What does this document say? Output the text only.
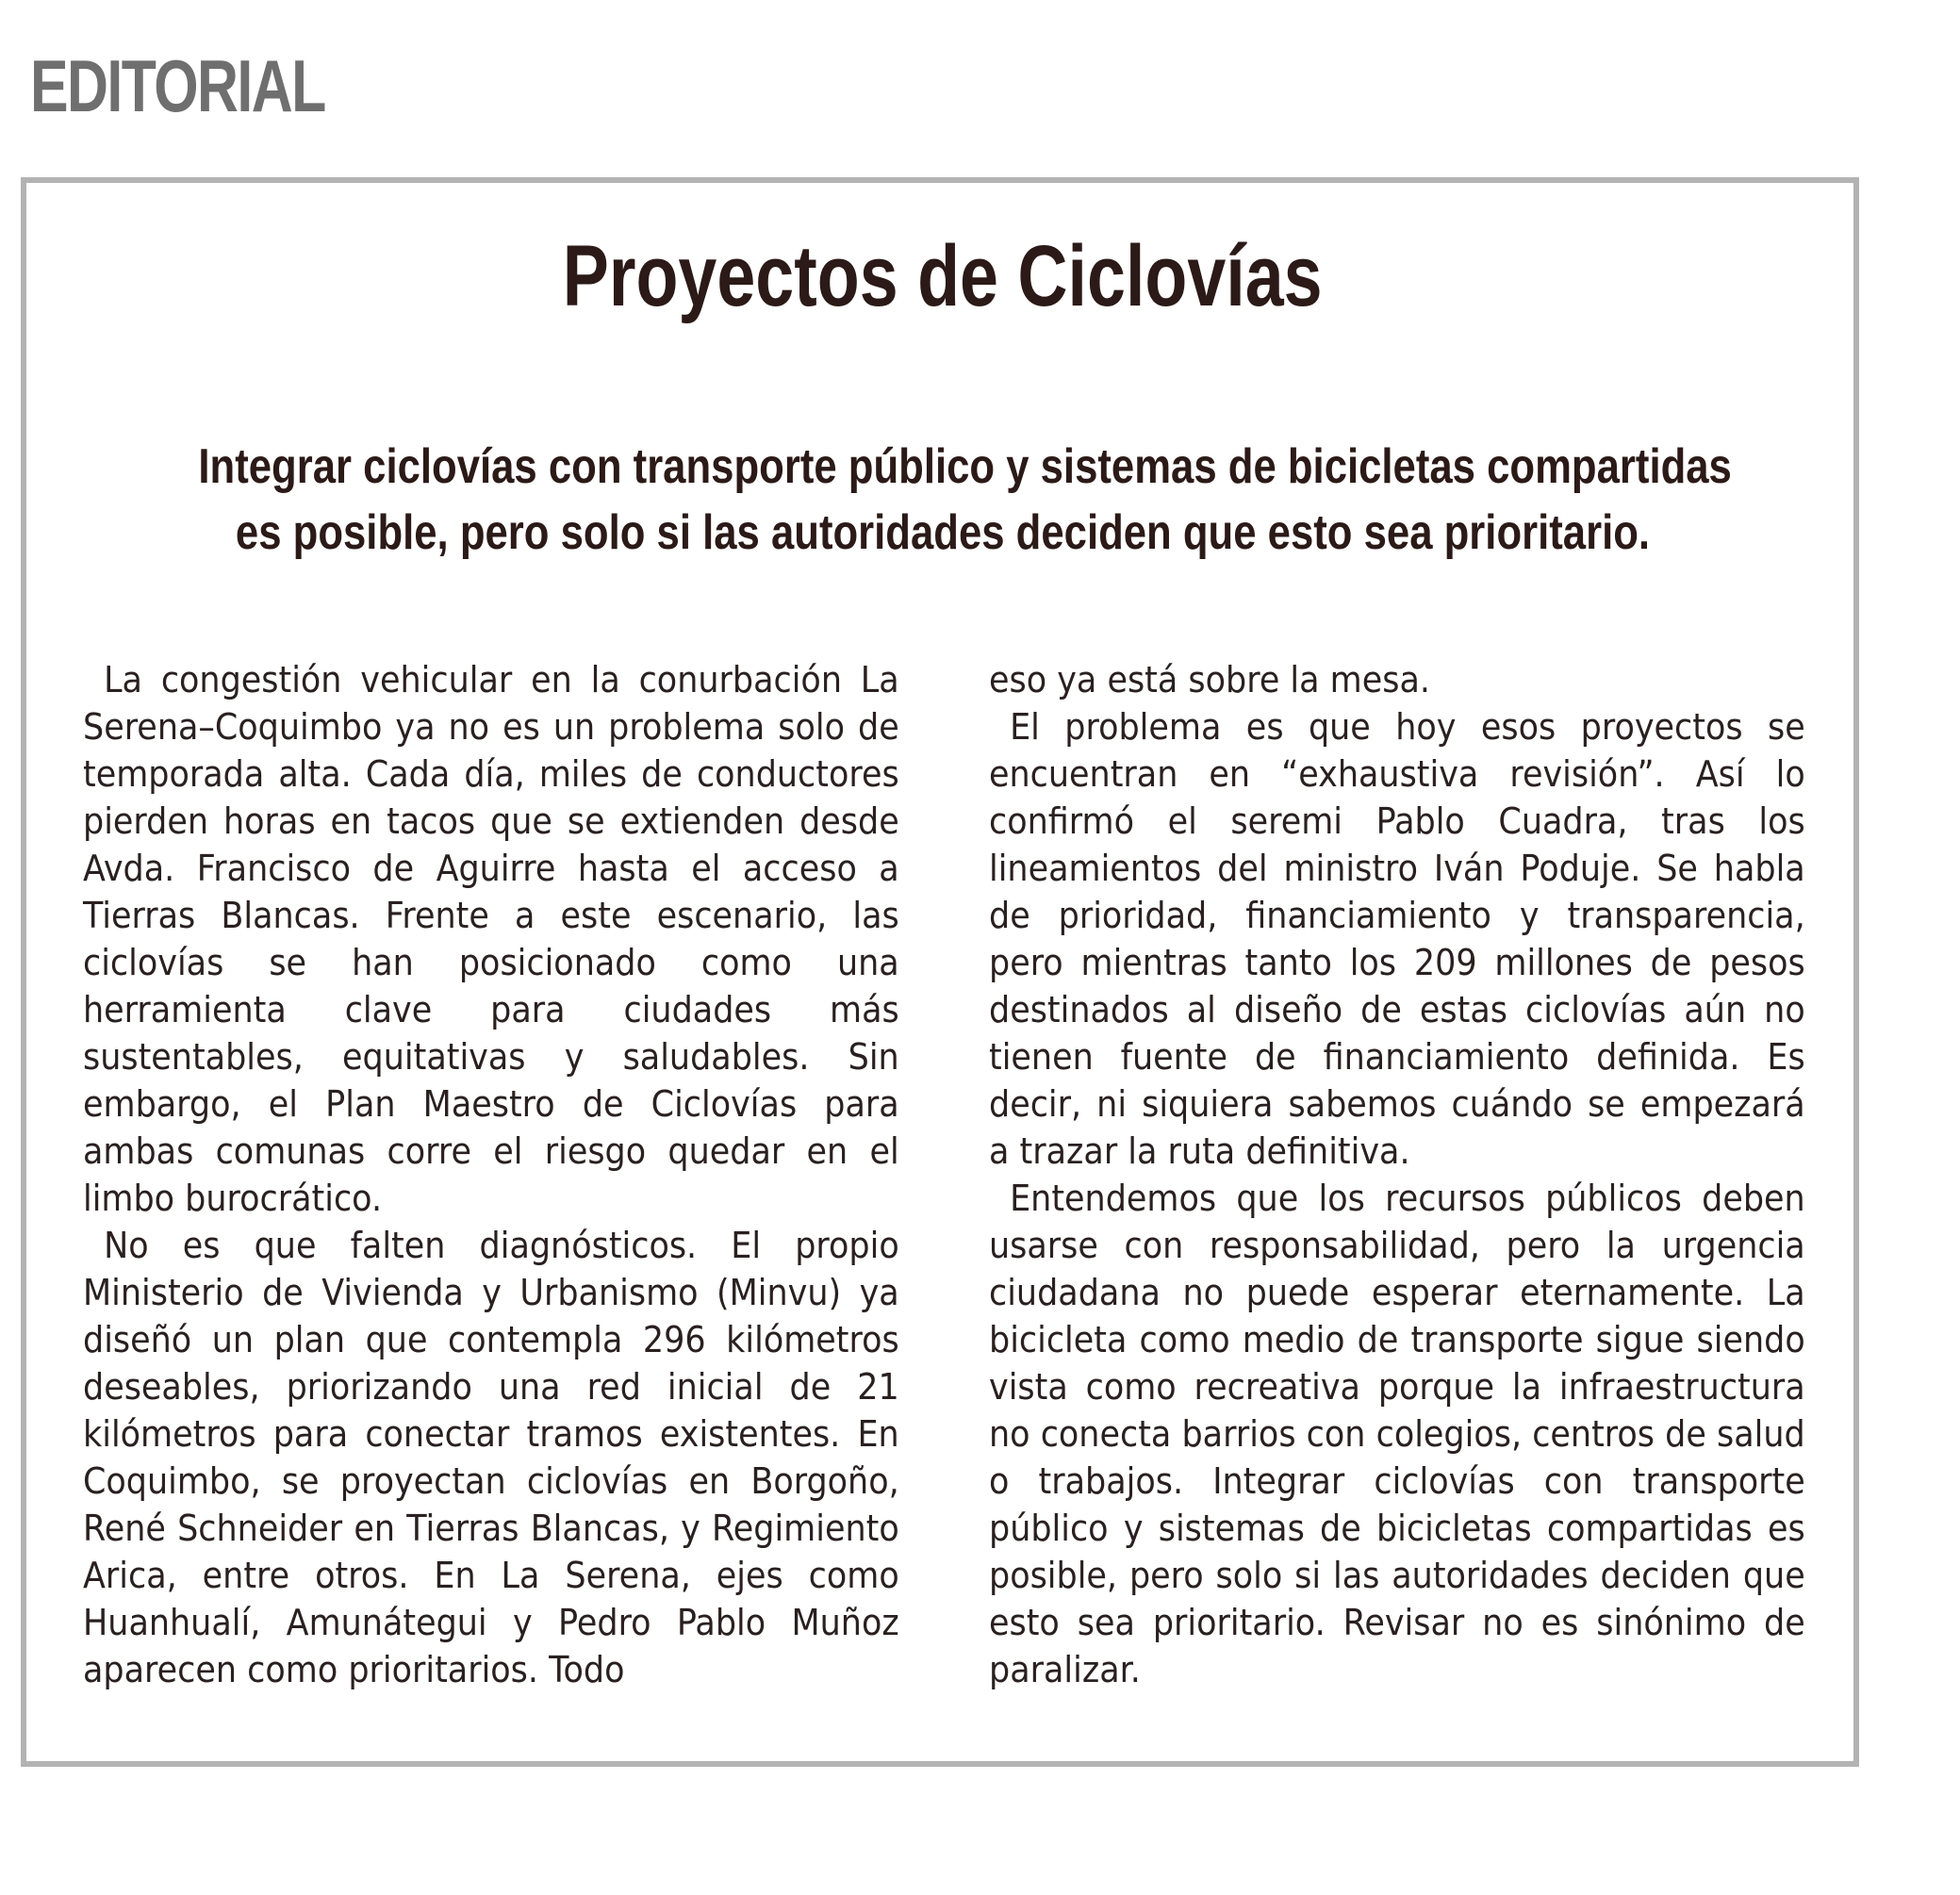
EDITORIAL
Proyectos de Ciclovías
Integrar ciclovías con transporte público y sistemas de bicicletas compartidas
es posible, pero solo si las autoridades deciden que esto sea prioritario.

La congestión vehicular en la conurbación La Serena–Coquimbo ya no es un problema solo de temporada alta. Cada día, miles de conductores pierden horas en tacos que se extienden desde Avda. Francisco de Aguirre hasta el acceso a Tierras Blancas. Frente a este escenario, las ciclovías se han posicionado como una herramienta clave para ciudades más sustentables, equitativas y saludables. Sin embargo, el Plan Maestro de Ciclovías para ambas comunas corre el riesgo quedar en el limbo burocrático.

No es que falten diagnósticos. El propio Ministerio de Vivienda y Urbanismo (Minvu) ya diseñó un plan que contempla 296 kilómetros deseables, priorizando una red inicial de 21 kilómetros para conectar tramos existentes. En Coquimbo, se proyectan ciclovías en Borgoño, René Schneider en Tierras Blancas, y Regimiento Arica, entre otros. En La Serena, ejes como Huanhualí, Amunátegui y Pedro Pablo Muñoz aparecen como prioritarios. Todo

eso ya está sobre la mesa.

El problema es que hoy esos proyectos se encuentran en “exhaustiva revisión”. Así lo confirmó el seremi Pablo Cuadra, tras los lineamientos del ministro Iván Poduje. Se habla de prioridad, financiamiento y transparencia, pero mientras tanto los 209 millones de pesos destinados al diseño de estas ciclovías aún no tienen fuente de financiamiento definida. Es decir, ni siquiera sabemos cuándo se empezará a trazar la ruta definitiva.

Entendemos que los recursos públicos deben usarse con responsabilidad, pero la urgencia ciudadana no puede esperar eternamente. La bicicleta como medio de transporte sigue siendo vista como recreativa porque la infraestructura no conecta barrios con colegios, centros de salud o trabajos. Integrar ciclovías con transporte público y sistemas de bicicletas compartidas es posible, pero solo si las autoridades deciden que esto sea prioritario. Revisar no es sinónimo de paralizar.
